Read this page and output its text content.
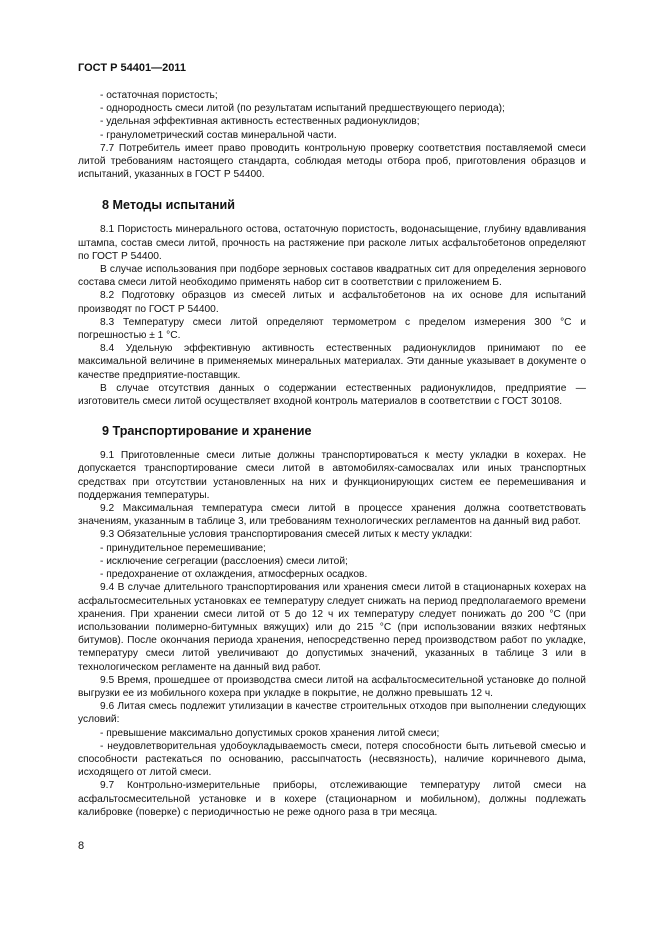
ГОСТ Р 54401—2011

- остаточная пористость;

- однородность смеси литой (по результатам испытаний предшествующего периода);

- удельная эффективная активность естественных радионуклидов;

- гранулометрический состав минеральной части.

7.7 Потребитель имеет право проводить контрольную проверку соответствия поставляемой смеси литой требованиям настоящего стандарта, соблюдая методы отбора проб, приготовления образцов и испытаний, указанных в ГОСТ Р 54400.

8 Методы испытаний

8.1 Пористость минерального остова, остаточную пористость, водонасыщение, глубину вдавливания штампа, состав смеси литой, прочность на растяжение при расколе литых асфальтобетонов определяют по ГОСТ Р 54400.

В случае использования при подборе зерновых составов квадратных сит для определения зернового состава смеси литой необходимо применять набор сит в соответствии с приложением Б.

8.2 Подготовку образцов из смесей литых и асфальтобетонов на их основе для испытаний производят по ГОСТ Р 54400.

8.3 Температуру смеси литой определяют термометром с пределом измерения 300 °С и погрешностью ± 1 °С.

8.4 Удельную эффективную активность естественных радионуклидов принимают по ее максимальной величине в применяемых минеральных материалах. Эти данные указывает в документе о качестве предприятие-поставщик.

В случае отсутствия данных о содержании естественных радионуклидов, предприятие — изготовитель смеси литой осуществляет входной контроль материалов в соответствии с ГОСТ 30108.

9 Транспортирование и хранение

9.1 Приготовленные смеси литые должны транспортироваться к месту укладки в кохерах. Не допускается транспортирование смеси литой в автомобилях-самосвалах или иных транспортных средствах при отсутствии установленных на них и функционирующих систем ее перемешивания и поддержания температуры.

9.2 Максимальная температура смеси литой в процессе хранения должна соответствовать значениям, указанным в таблице 3, или требованиям технологических регламентов на данный вид работ.

9.3 Обязательные условия транспортирования смесей литых к месту укладки:

- принудительное перемешивание;

- исключение сегрегации (расслоения) смеси литой;

- предохранение от охлаждения, атмосферных осадков.

9.4 В случае длительного транспортирования или хранения смеси литой в стационарных кохерах на асфальтосмесительных установках ее температуру следует снижать на период предполагаемого времени хранения. При хранении смеси литой от 5 до 12 ч их температуру следует понижать до 200 °С (при использовании полимерно-битумных вяжущих) или до 215 °С (при использовании вязких нефтяных битумов). После окончания периода хранения, непосредственно перед производством работ по укладке, температуру смеси литой увеличивают до допустимых значений, указанных в таблице 3 или в технологическом регламенте на данный вид работ.

9.5 Время, прошедшее от производства смеси литой на асфальтосмесительной установке до полной выгрузки ее из мобильного кохера при укладке в покрытие, не должно превышать 12 ч.

9.6 Литая смесь подлежит утилизации в качестве строительных отходов при выполнении следующих условий:

- превышение максимально допустимых сроков хранения литой смеси;

- неудовлетворительная удобоукладываемость смеси, потеря способности быть литьевой смесью и способности растекаться по основанию, рассыпчатость (несвязность), наличие коричневого дыма, исходящего от литой смеси.

9.7 Контрольно-измерительные приборы, отслеживающие температуру литой смеси на асфальтосмесительной установке и в кохере (стационарном и мобильном), должны подлежать калибровке (поверке) с периодичностью не реже одного раза в три месяца.

8
